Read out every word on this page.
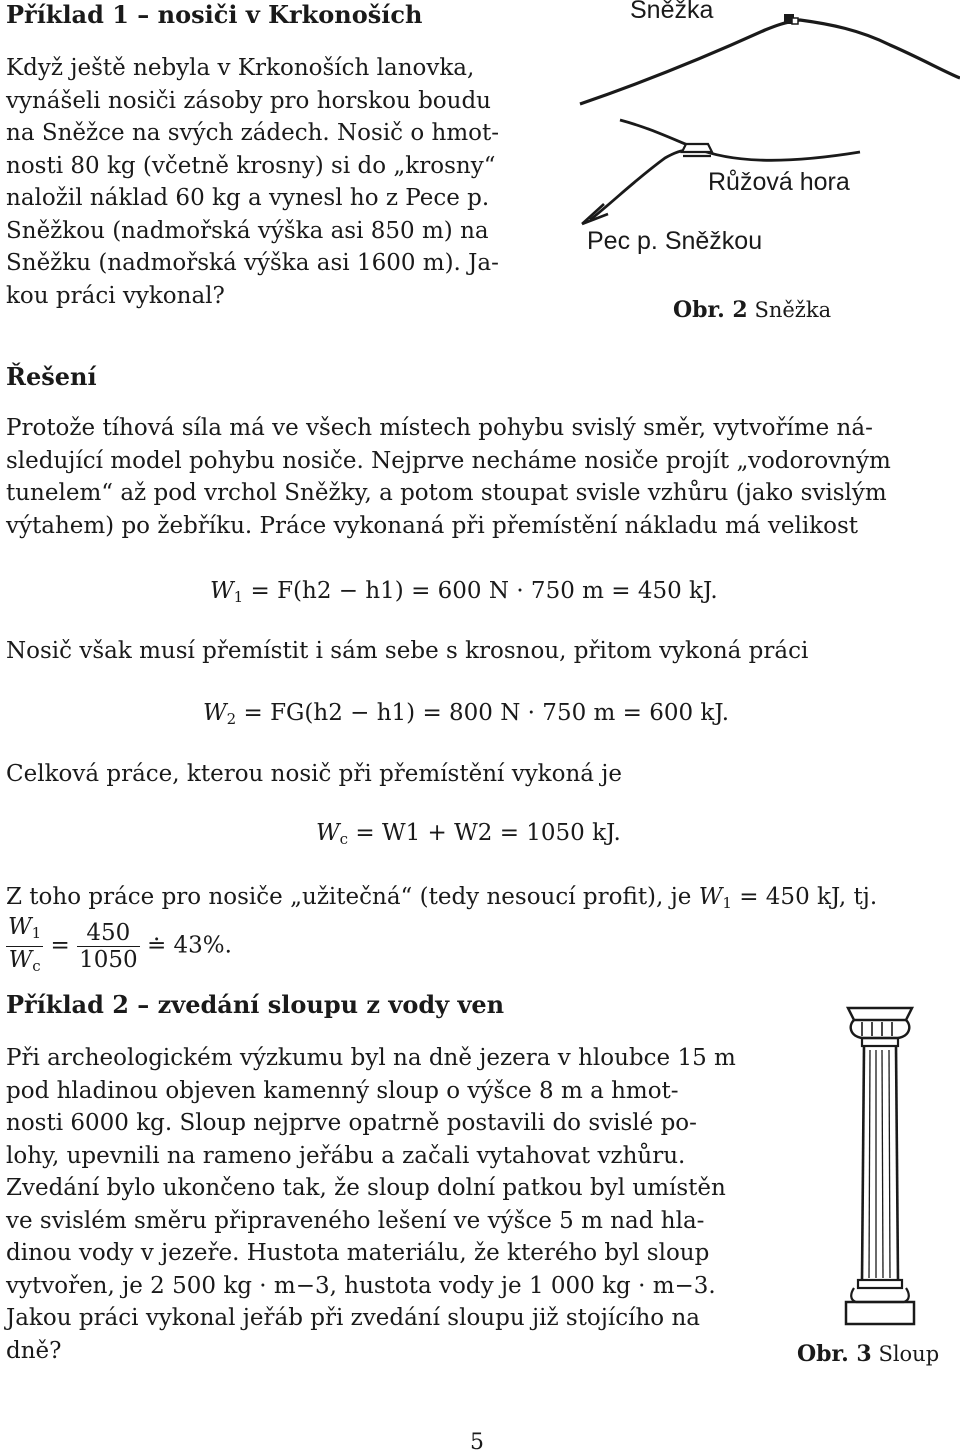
Příklad 1 – nosiči v Krkonoších

Když ještě nebyla v Krkonoších lanovka,

vynášeli nosiči zásoby pro horskou boudu

na Sněžce na svých zádech. Nosič o hmot-

nosti 80 kg (včetně krosny) si do „krosny“

naložil náklad 60 kg a vynesl ho z Pece p.

Sněžkou (nadmořská výška asi 850 m) na

Sněžku (nadmořská výška asi 1600 m). Ja-

kou práci vykonal?

Sněžka
Růžová hora
Pec p. Sněžkou
Obr. 2 Sněžka
Řešení

Protože tíhová síla má ve všech místech pohybu svislý směr, vytvoříme ná-

sledující model pohybu nosiče. Nejprve necháme nosiče projít „vodorovným

tunelem“ až pod vrchol Sněžky, a potom stoupat svisle vzhůru (jako svislým

výtahem) po žebříku. Práce vykonaná při přemístění nákladu má velikost

$W_1 = F(h2 - h1) = 600$ N · 750 m = 450 kJ.
Nosič však musí přemístit i sám sebe s krosnou, přitom vykoná práci
$W_2 = FG(h2 - h1) = 800$ N · 750 m = 600 kJ.
Celková práce, kterou nosič při přemístění vykoná je
$W_c = W1 + W2 = 1050$ kJ.
Z toho práce pro nosiče „užitečná“ (tedy nesoucí profit), je $W_1 = 450$ kJ, tj.
$\frac{W_1}{W_c} = \frac{450}{1050}$ ≐ 43%.
Příklad 2 – zvedání sloupu z vody ven

Při archeologickém výzkumu byl na dně jezera v hloubce 15 m

pod hladinou objeven kamenný sloup o výšce 8 m a hmot-

nosti 6000 kg. Sloup nejprve opatrně postavili do svislé po-

lohy, upevnili na rameno jeřábu a začali vytahovat vzhůru.

Zvedání bylo ukončeno tak, že sloup dolní patkou byl umístěn

ve svislém směru připraveného lešení ve výšce 5 m nad hla-

dinou vody v jezeře. Hustota materiálu, že kterého byl sloup

vytvořen, je 2 500 kg · m−3, hustota vody je 1 000 kg · m−3.

Jakou práci vykonal jeřáb při zvedání sloupu již stojícího na

dně?	Obr. 3 Sloup
5
